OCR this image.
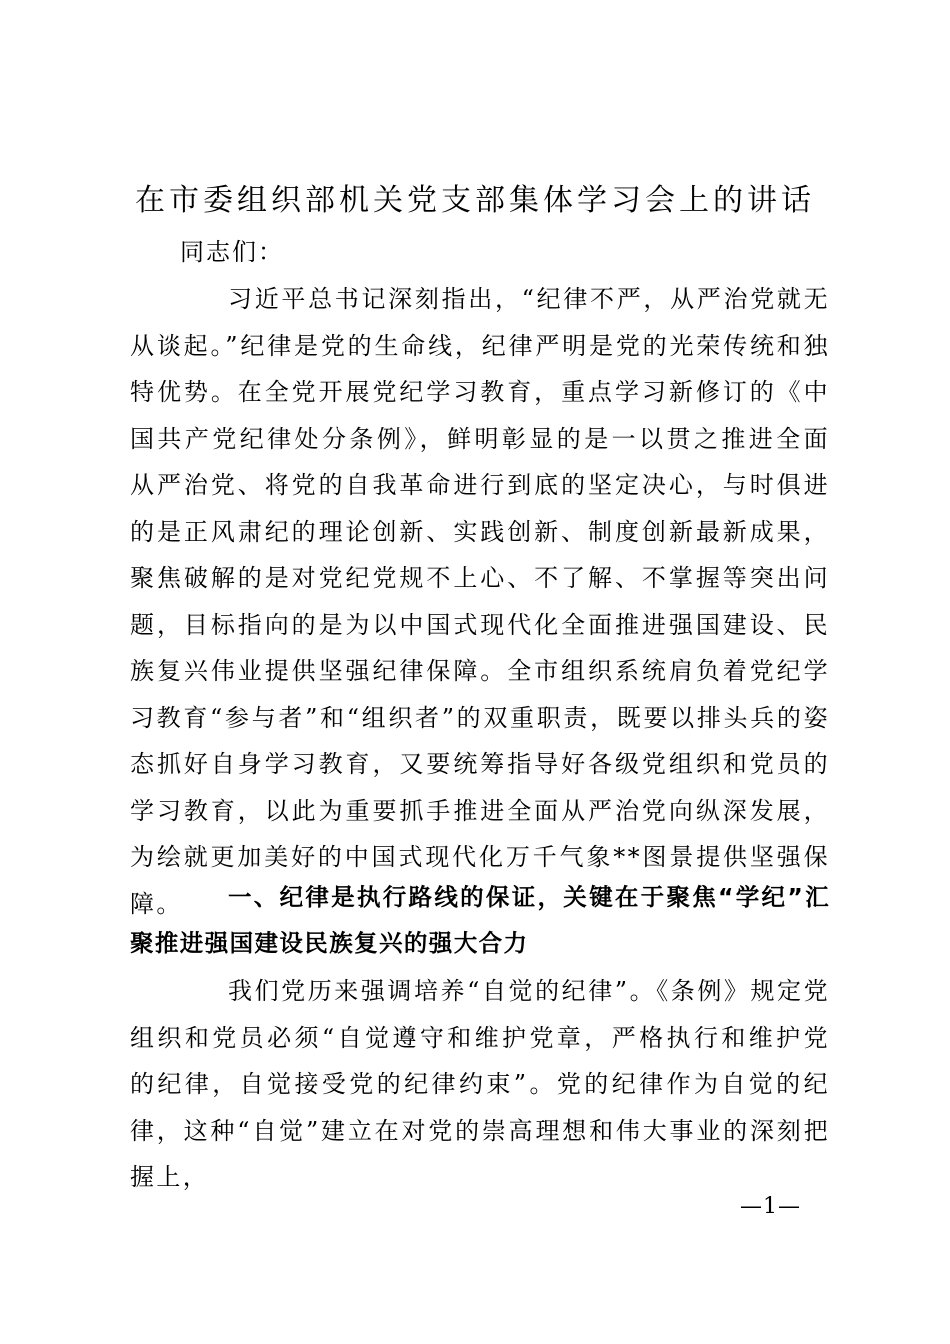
在市委组织部机关党支部集体学习会上的讲话

同志们：

习近平总书记深刻指出，“纪律不严，从严治党就无从谈起。”纪律是党的生命线，纪律严明是党的光荣传统和独特优势。在全党开展党纪学习教育，重点学习新修订的《中国共产党纪律处分条例》，鲜明彰显的是一以贯之推进全面从严治党、将党的自我革命进行到底的坚定决心，与时俱进的是正风肃纪的理论创新、实践创新、制度创新最新成果，聚焦破解的是对党纪党规不上心、不了解、不掌握等突出问题，目标指向的是为以中国式现代化全面推进强国建设、民族复兴伟业提供坚强纪律保障。全市组织系统肩负着党纪学习教育“参与者”和“组织者”的双重职责，既要以排头兵的姿态抓好自身学习教育，又要统筹指导好各级党组织和党员的学习教育，以此为重要抓手推进全面从严治党向纵深发展，为绘就更加美好的中国式现代化万千气象**图景提供坚强保障。	一、纪律是执行路线的保证，关键在于聚焦“学纪”汇聚推进强国建设民族复兴的强大合力

我们党历来强调培养“自觉的纪律”。《条例》规定党组织和党员必须“自觉遵守和维护党章，严格执行和维护党的纪律，自觉接受党的纪律约束”。党的纪律作为自觉的纪律，这种“自觉”建立在对党的崇高理想和伟大事业的深刻把握上，

—1—
